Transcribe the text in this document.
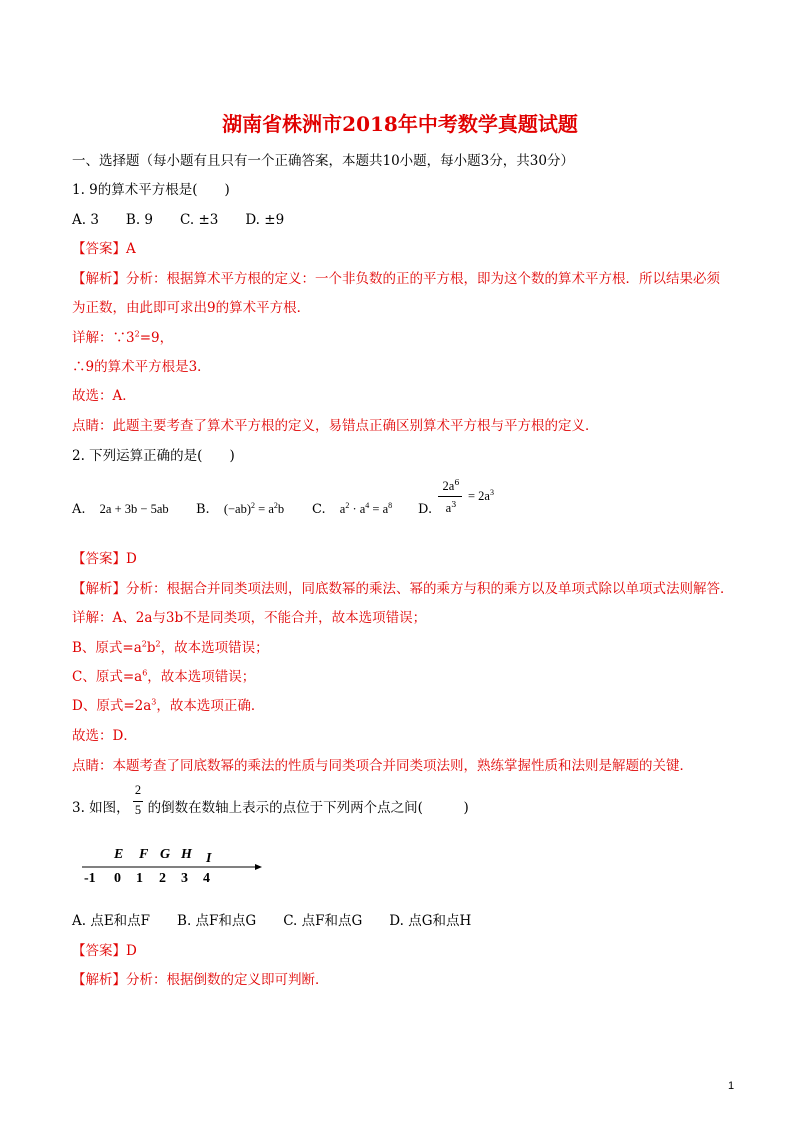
湖南省株洲市2018年中考数学真题试题
一、选择题（每小题有且只有一个正确答案，本题共10小题，每小题3分，共30分）
1. 9的算术平方根是(　　)
A. 3　　B. 9　　C. ±3　　D. ±9
【答案】A
【解析】分析：根据算术平方根的定义：一个非负数的正的平方根，即为这个数的算术平方根．所以结果必须
为正数，由此即可求出9的算术平方根．
详解：$\because 3^2=9$，
∴9的算术平方根是3．
故选：A．
点睛：此题主要考查了算术平方根的定义，易错点正确区别算术平方根与平方根的定义．
2. 下列运算正确的是(　　)
A. 2a + 3b − 5ab B. $(-ab)^2 = a^2b$ C. $a^2 \cdot a^4 = a^8$ D.
$2a^6$
$a^3$
= $2a^3$
【答案】D
【解析】分析：根据合并同类项法则，同底数幂的乘法、幂的乘方与积的乘方以及单项式除以单项式法则解答．
详解：A、2a与3b不是同类项，不能合并，故本选项错误；
B、原式$=a^2b^2$，故本选项错误；
C、原式$=a^6$，故本选项错误；
D、原式$=2a^3$，故本选项正确．
故选：D．
点睛：本题考查了同底数幂的乘法的性质与同类项合并同类项法则，熟练掌握性质和法则是解题的关键．
3. 如图， 的倒数在数轴上表示的点位于下列两个点之间(　　　)
2
5
E F G H I
-1 0 1 2 3 4
A. 点E和点F　　B. 点F和点G　　C. 点F和点G　　D. 点G和点H
【答案】D
【解析】分析：根据倒数的定义即可判断．
1
